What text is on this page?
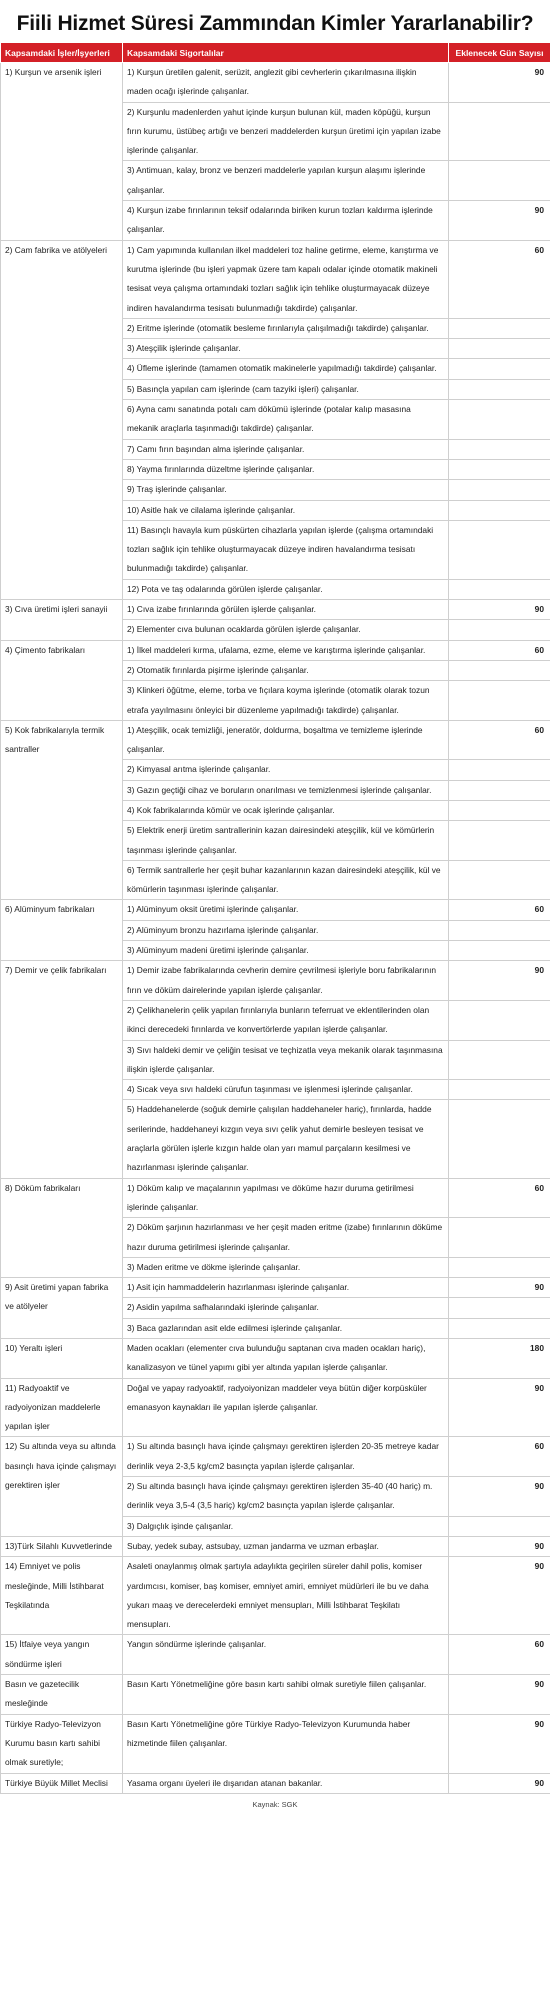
Fiili Hizmet Süresi Zammından Kimler Yararlanabilir?
Kapsamdaki İşler/İşyerleri	Kapsamdaki Sigortalılar	Eklenecek Gün Sayısı
1) Kurşun ve arsenik işleri	1) Kurşun üretilen galenit, serüzit, anglezit gibi cevherlerin çıkarılmasına ilişkin maden ocağı işlerinde çalışanlar.	90
	2) Kurşunlu madenlerden yahut içinde kurşun bulunan kül, maden köpüğü, kurşun fırın kurumu, üstübeç artığı ve benzeri maddelerden kurşun üretimi için yapılan izabe işlerinde çalışanlar.	
	3) Antimuan, kalay, bronz ve benzeri maddelerle yapılan kurşun alaşımı işlerinde çalışanlar.	
	4) Kurşun izabe fırınlarının teksif odalarında biriken kurun tozları kaldırma işlerinde çalışanlar.	90
2) Cam fabrika ve atölyeleri	1) Cam yapımında kullanılan ilkel maddeleri toz haline getirme, eleme, karıştırma ve kurutma işlerinde (bu işleri yapmak üzere tam kapalı odalar içinde otomatik makineli tesisat veya çalışma ortamındaki tozları sağlık için tehlike oluşturmayacak düzeye indiren havalandırma tesisatı bulunmadığı takdirde) çalışanlar.	60
	2) Eritme işlerinde (otomatik besleme fırınlarıyla çalışılmadığı takdirde) çalışanlar.	
	3) Ateşçilik işlerinde çalışanlar.	
	4) Üfleme işlerinde (tamamen otomatik makinelerle yapılmadığı takdirde) çalışanlar.	
	5) Basınçla yapılan cam işlerinde (cam tazyiki işleri) çalışanlar.	
	6) Ayna camı sanatında potalı cam dökümü işlerinde (potalar kalıp masasına mekanik araçlarla taşınmadığı takdirde) çalışanlar.	
	7) Camı fırın başından alma işlerinde çalışanlar.	
	8) Yayma fırınlarında düzeltme işlerinde çalışanlar.	
	9) Traş işlerinde çalışanlar.	
	10) Asitle hak ve cilalama işlerinde çalışanlar.	
	11) Basınçlı havayla kum püskürten cihazlarla yapılan işlerde (çalışma ortamındaki tozları sağlık için tehlike oluşturmayacak düzeye indiren havalandırma tesisatı bulunmadığı takdirde) çalışanlar.	
	12) Pota ve taş odalarında görülen işlerde çalışanlar.	
3) Cıva üretimi işleri sanayii	1) Cıva izabe fırınlarında görülen işlerde çalışanlar.	90
	2) Elementer cıva bulunan ocaklarda görülen işlerde çalışanlar.	
4) Çimento fabrikaları	1) İlkel maddeleri kırma, ufalama, ezme, eleme ve karıştırma işlerinde çalışanlar.	60
	2) Otomatik fırınlarda pişirme işlerinde çalışanlar.	
	3) Klinkeri öğütme, eleme, torba ve fıçılara koyma işlerinde (otomatik olarak tozun etrafa yayılmasını önleyici bir düzenleme yapılmadığı takdirde) çalışanlar.	
5) Kok fabrikalarıyla termik santraller	1) Ateşçilik, ocak temizliği, jeneratör, doldurma, boşaltma ve temizleme işlerinde çalışanlar.	60
	2) Kimyasal arıtma işlerinde çalışanlar.	
	3) Gazın geçtiği cihaz ve boruların onarılması ve temizlenmesi işlerinde çalışanlar.	
	4) Kok fabrikalarında kömür ve ocak işlerinde çalışanlar.	
	5) Elektrik enerji üretim santrallerinin kazan dairesindeki ateşçilik, kül ve kömürlerin taşınması işlerinde çalışanlar.	
	6) Termik santrallerle her çeşit buhar kazanlarının kazan dairesindeki ateşçilik, kül ve kömürlerin taşınması işlerinde çalışanlar.	
6) Alüminyum fabrikaları	1) Alüminyum oksit üretimi işlerinde çalışanlar.	60
	2) Alüminyum bronzu hazırlama işlerinde çalışanlar.	
	3) Alüminyum madeni üretimi işlerinde çalışanlar.	
7) Demir ve çelik fabrikaları	1) Demir izabe fabrikalarında cevherin demire çevrilmesi işleriyle boru fabrikalarının fırın ve döküm dairelerinde yapılan işlerde çalışanlar.	90
	2) Çelikhanelerin çelik yapılan fırınlarıyla bunların teferruat ve eklentilerinden olan ikinci derecedeki fırınlarda ve konvertörlerde yapılan işlerde çalışanlar.	
	3) Sıvı haldeki demir ve çeliğin tesisat ve teçhizatla veya mekanik olarak taşınmasına ilişkin işlerde çalışanlar.	
	4) Sıcak veya sıvı haldeki cürufun taşınması ve işlenmesi işlerinde çalışanlar.	
	5) Haddehanelerde (soğuk demirle çalışılan haddehaneler hariç), fırınlarda, hadde serilerinde, haddehaneyi kızgın veya sıvı çelik yahut demirle besleyen tesisat ve araçlarla görülen işlerle kızgın halde olan yarı mamul parçaların kesilmesi ve hazırlanması işlerinde çalışanlar.	
8) Döküm fabrikaları	1) Döküm kalıp ve maçalarının yapılması ve döküme hazır duruma getirilmesi işlerinde çalışanlar.	60
	2) Döküm şarjının hazırlanması ve her çeşit maden eritme (izabe) fırınlarının döküme hazır duruma getirilmesi işlerinde çalışanlar.	
	3) Maden eritme ve dökme işlerinde çalışanlar.	
9) Asit üretimi yapan fabrika ve atölyeler	1) Asit için hammaddelerin hazırlanması işlerinde çalışanlar.	90
	2) Asidin yapılma safhalarındaki işlerinde çalışanlar.	
	3) Baca gazlarından asit elde edilmesi işlerinde çalışanlar.	
10) Yeraltı işleri	Maden ocakları (elementer cıva bulunduğu saptanan cıva maden ocakları hariç), kanalizasyon ve tünel yapımı gibi yer altında yapılan işlerde çalışanlar.	180
11) Radyoaktif ve radyoiyonizan maddelerle yapılan işler	Doğal ve yapay radyoaktif, radyoiyonizan maddeler veya bütün diğer korpüsküler emanasyon kaynakları ile yapılan işlerde çalışanlar.	90
12) Su altında veya su altında basınçlı hava içinde çalışmayı gerektiren işler	1) Su altında basınçlı hava içinde çalışmayı gerektiren işlerden 20-35 metreye kadar derinlik veya 2-3,5 kg/cm2 basınçta yapılan işlerde çalışanlar.	60
	2) Su altında basınçlı hava içinde çalışmayı gerektiren işlerden 35-40 (40 hariç) m. derinlik veya 3,5-4 (3,5 hariç) kg/cm2 basınçta yapılan işlerde çalışanlar.	90
	3) Dalgıçlık işinde çalışanlar.	
13)Türk Silahlı Kuvvetlerinde	Subay, yedek subay, astsubay, uzman jandarma ve uzman erbaşlar.	90
14) Emniyet ve polis mesleğinde, Milli İstihbarat Teşkilatında	Asaleti onaylanmış olmak şartıyla adaylıkta geçirilen süreler dahil polis, komiser yardımcısı, komiser, baş komiser, emniyet amiri, emniyet müdürleri ile bu ve daha yukarı maaş ve derecelerdeki emniyet mensupları, Milli İstihbarat Teşkilatı mensupları.	90
15) İtfaiye veya yangın söndürme işleri	Yangın söndürme işlerinde çalışanlar.	60
Basın ve gazetecilik mesleğinde	Basın Kartı Yönetmeliğine göre basın kartı sahibi olmak suretiyle fiilen çalışanlar.	90
Türkiye Radyo-Televizyon Kurumu basın kartı sahibi olmak suretiyle;	Basın Kartı Yönetmeliğine göre Türkiye Radyo-Televizyon Kurumunda haber hizmetinde fiilen çalışanlar.	90
Türkiye Büyük Millet Meclisi	Yasama organı üyeleri ile dışarıdan atanan bakanlar.	90
Kaynak: SGK
